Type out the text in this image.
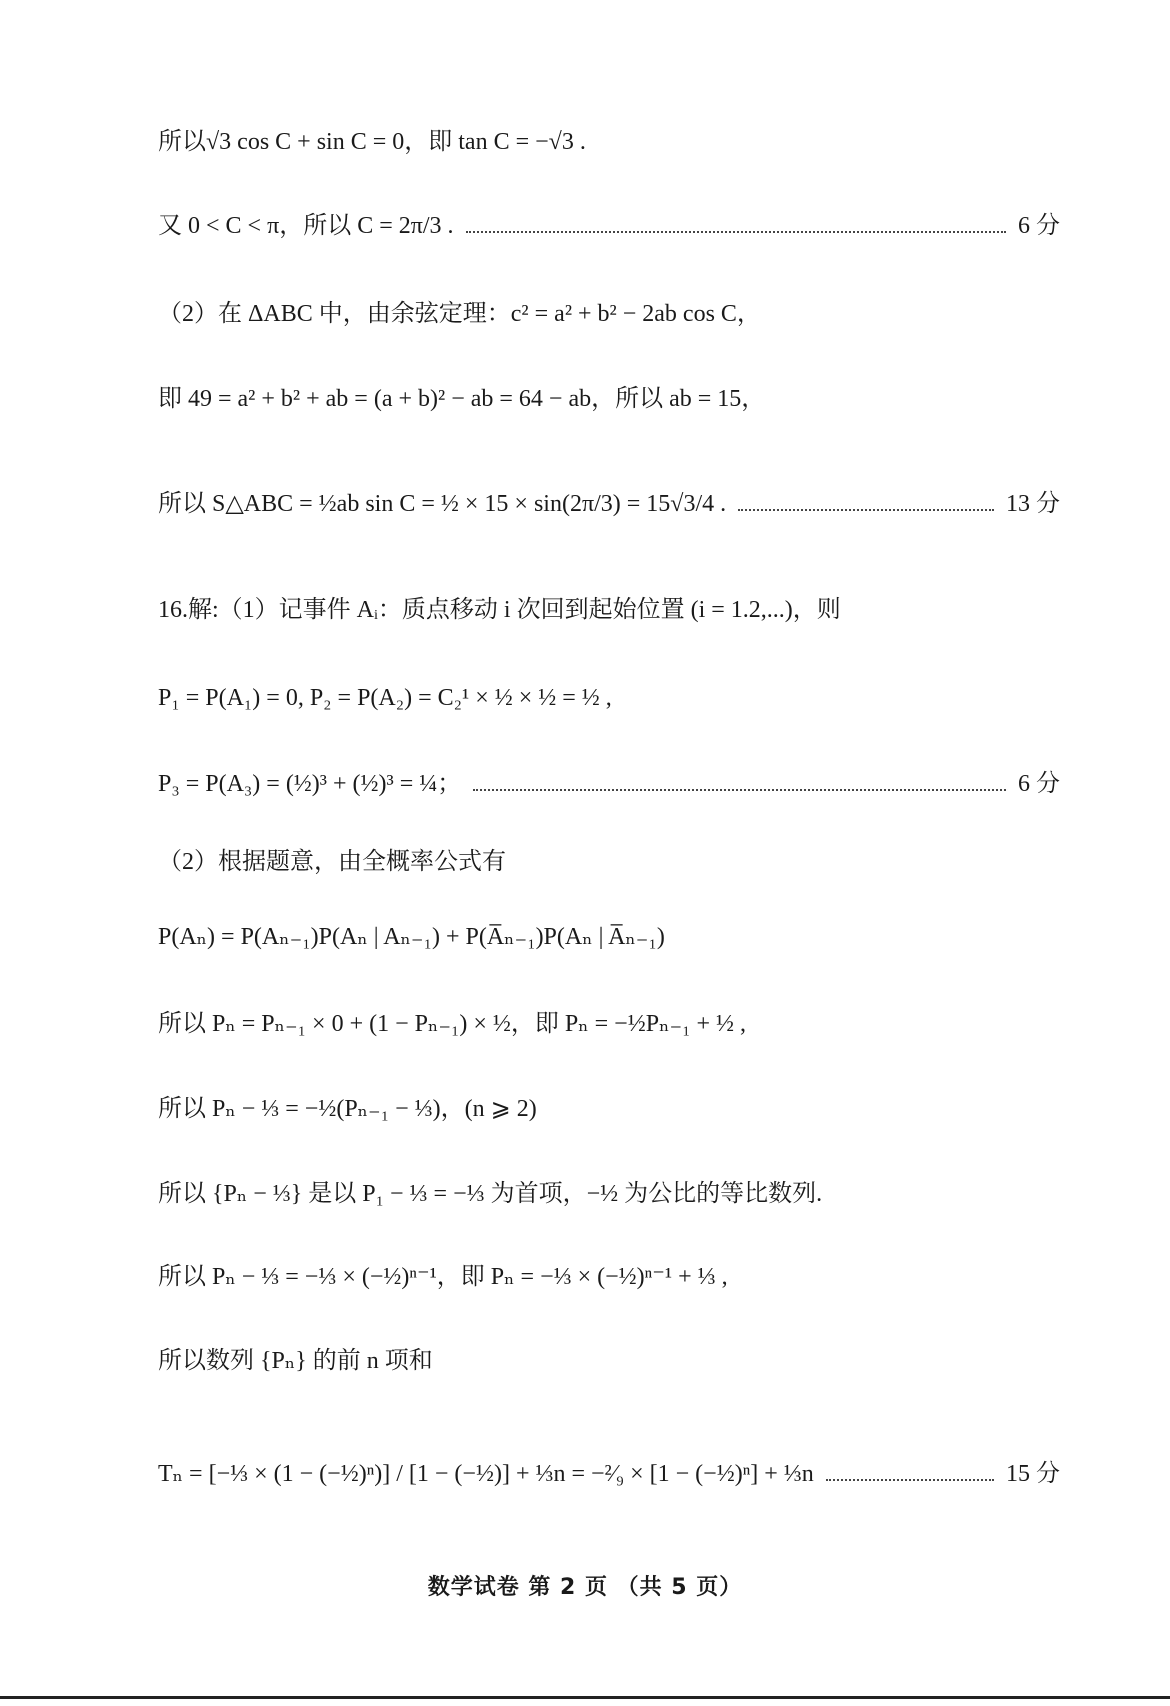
所以√3 cos C + sin C = 0，即 tan C = −√3 .
又 0 < C < π，所以 C = 2π/3 .	6 分
（2）在 ΔABC 中，由余弦定理：c² = a² + b² − 2ab cos C，
即 49 = a² + b² + ab = (a + b)² − ab = 64 − ab，所以 ab = 15，
所以 S△ABC = ½ab sin C = ½ × 15 × sin(2π/3) = 15√3/4 .	13 分
16.解:（1）记事件 Aᵢ：质点移动 i 次回到起始位置 (i = 1.2,...)，则
P₁ = P(A₁) = 0, P₂ = P(A₂) = C₂¹ × ½ × ½ = ½ ,
P₃ = P(A₃) = (½)³ + (½)³ = ¼；	6 分
（2）根据题意，由全概率公式有
P(Aₙ) = P(Aₙ₋₁)P(Aₙ | Aₙ₋₁) + P(A̅ₙ₋₁)P(Aₙ | A̅ₙ₋₁)
所以 Pₙ = Pₙ₋₁ × 0 + (1 − Pₙ₋₁) × ½，即 Pₙ = −½Pₙ₋₁ + ½ ,
所以 Pₙ − ⅓ = −½(Pₙ₋₁ − ⅓)，(n ⩾ 2)
所以 {Pₙ − ⅓} 是以 P₁ − ⅓ = −⅓ 为首项，−½ 为公比的等比数列.
所以 Pₙ − ⅓ = −⅓ × (−½)ⁿ⁻¹，即 Pₙ = −⅓ × (−½)ⁿ⁻¹ + ⅓ ,
所以数列 {Pₙ} 的前 n 项和
Tₙ = [−⅓ × (1 − (−½)ⁿ)] / [1 − (−½)] + ⅓n = −²⁄₉ × [1 − (−½)ⁿ] + ⅓n	15 分
数学试卷 第 2 页 （共 5 页）
